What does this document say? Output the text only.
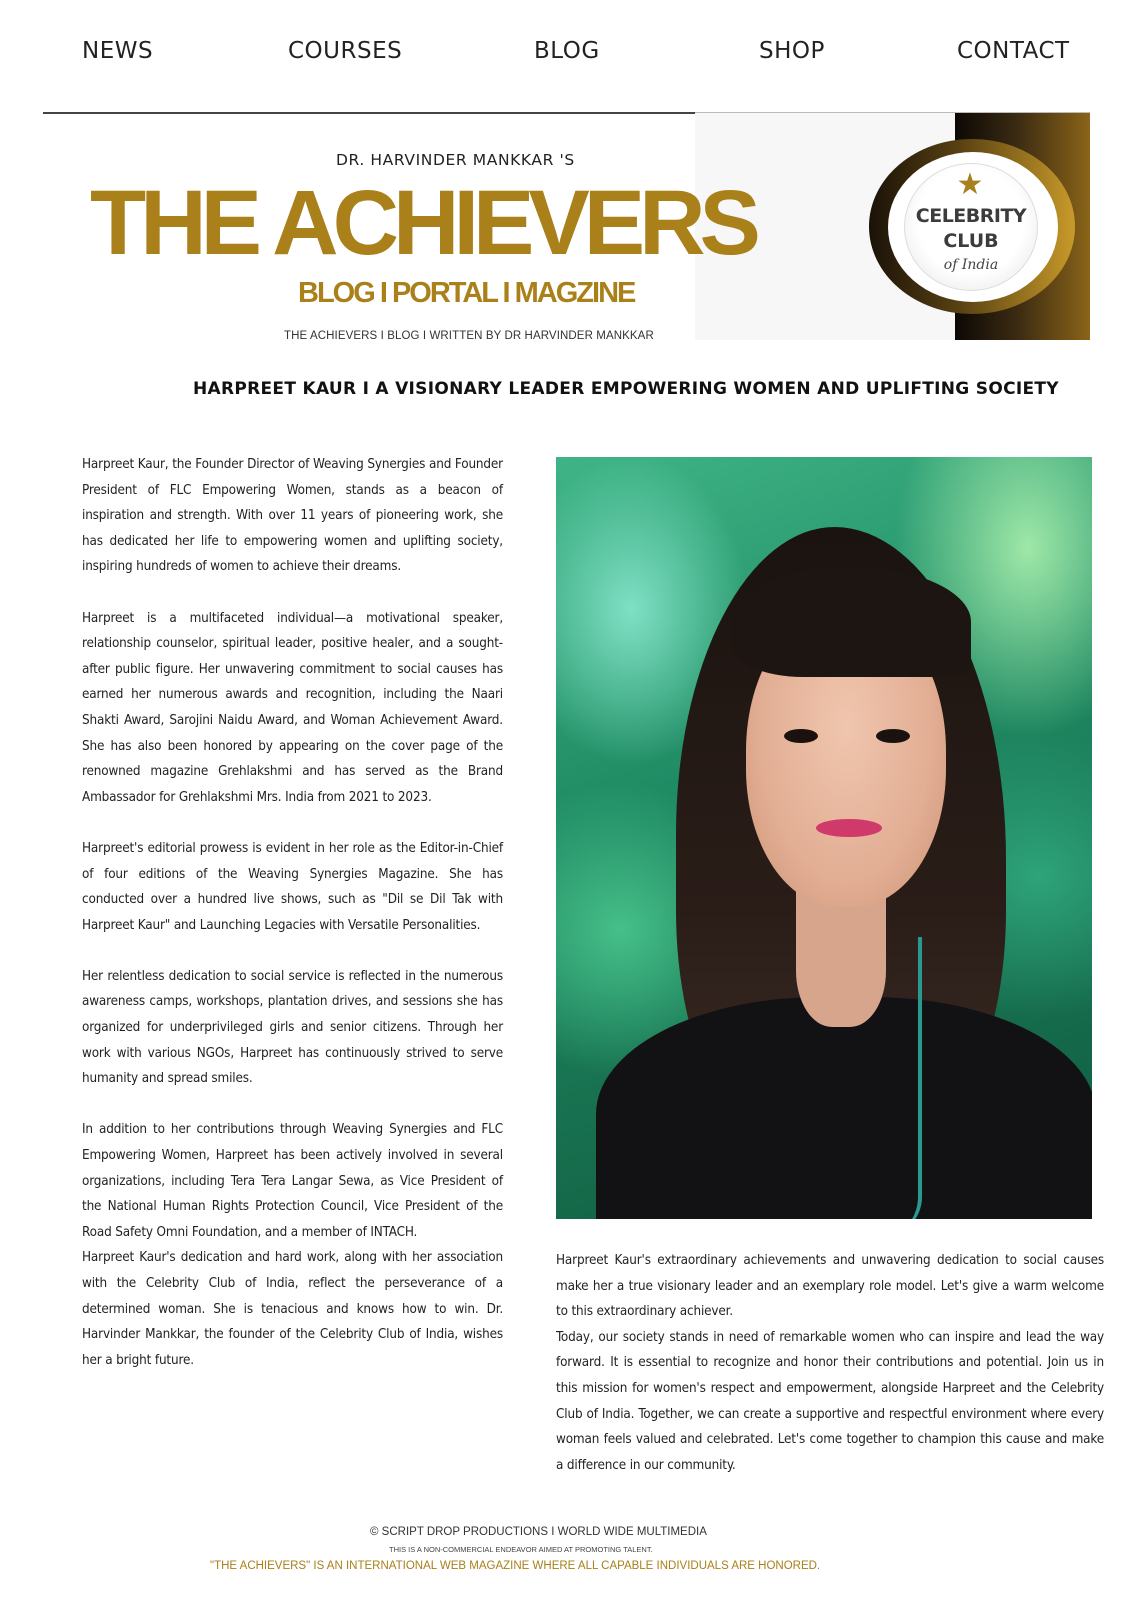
NEWS	COURSES	BLOG	SHOP	CONTACT
★
CELEBRITY
CLUB
of India
DR. HARVINDER MANKKAR 'S
THE ACHIEVERS
BLOG I PORTAL I MAGZINE
THE ACHIEVERS I BLOG I WRITTEN BY DR HARVINDER MANKKAR
HARPREET KAUR I A VISIONARY LEADER EMPOWERING WOMEN AND UPLIFTING SOCIETY

Harpreet Kaur, the Founder Director of Weaving Synergies and Founder President of FLC Empowering Women, stands as a beacon of inspiration and strength. With over 11 years of pioneering work, she has dedicated her life to empowering women and uplifting society, inspiring hundreds of women to achieve their dreams.

Harpreet is a multifaceted individual—a motivational speaker, relationship counselor, spiritual leader, positive healer, and a sought-after public figure. Her unwavering commitment to social causes has earned her numerous awards and recognition, including the Naari Shakti Award, Sarojini Naidu Award, and Woman Achievement Award. She has also been honored by appearing on the cover page of the renowned magazine Grehlakshmi and has served as the Brand Ambassador for Grehlakshmi Mrs. India from 2021 to 2023.

Harpreet's editorial prowess is evident in her role as the Editor-in-Chief of four editions of the Weaving Synergies Magazine. She has conducted over a hundred live shows, such as "Dil se Dil Tak with Harpreet Kaur" and Launching Legacies with Versatile Personalities.

Her relentless dedication to social service is reflected in the numerous awareness camps, workshops, plantation drives, and sessions she has organized for underprivileged girls and senior citizens. Through her work with various NGOs, Harpreet has continuously strived to serve humanity and spread smiles.

In addition to her contributions through Weaving Synergies and FLC Empowering Women, Harpreet has been actively involved in several organizations, including Tera Tera Langar Sewa, as Vice President of the National Human Rights Protection Council, Vice President of the Road Safety Omni Foundation, and a member of INTACH.

Harpreet Kaur's dedication and hard work, along with her association with the Celebrity Club of India, reflect the perseverance of a determined woman. She is tenacious and knows how to win. Dr. Harvinder Mankkar, the founder of the Celebrity Club of India, wishes her a bright future.

Harpreet Kaur's extraordinary achievements and unwavering dedication to social causes make her a true visionary leader and an exemplary role model. Let's give a warm welcome to this extraordinary achiever.

Today, our society stands in need of remarkable women who can inspire and lead the way forward. It is essential to recognize and honor their contributions and potential. Join us in this mission for women's respect and empowerment, alongside Harpreet and the Celebrity Club of India. Together, we can create a supportive and respectful environment where every woman feels valued and celebrated. Let's come together to champion this cause and make a difference in our community.

© SCRIPT DROP PRODUCTIONS I WORLD WIDE MULTIMEDIA
THIS IS A NON-COMMERCIAL ENDEAVOR AIMED AT PROMOTING TALENT.
"THE ACHIEVERS" IS AN INTERNATIONAL WEB MAGAZINE WHERE ALL CAPABLE INDIVIDUALS ARE HONORED.
